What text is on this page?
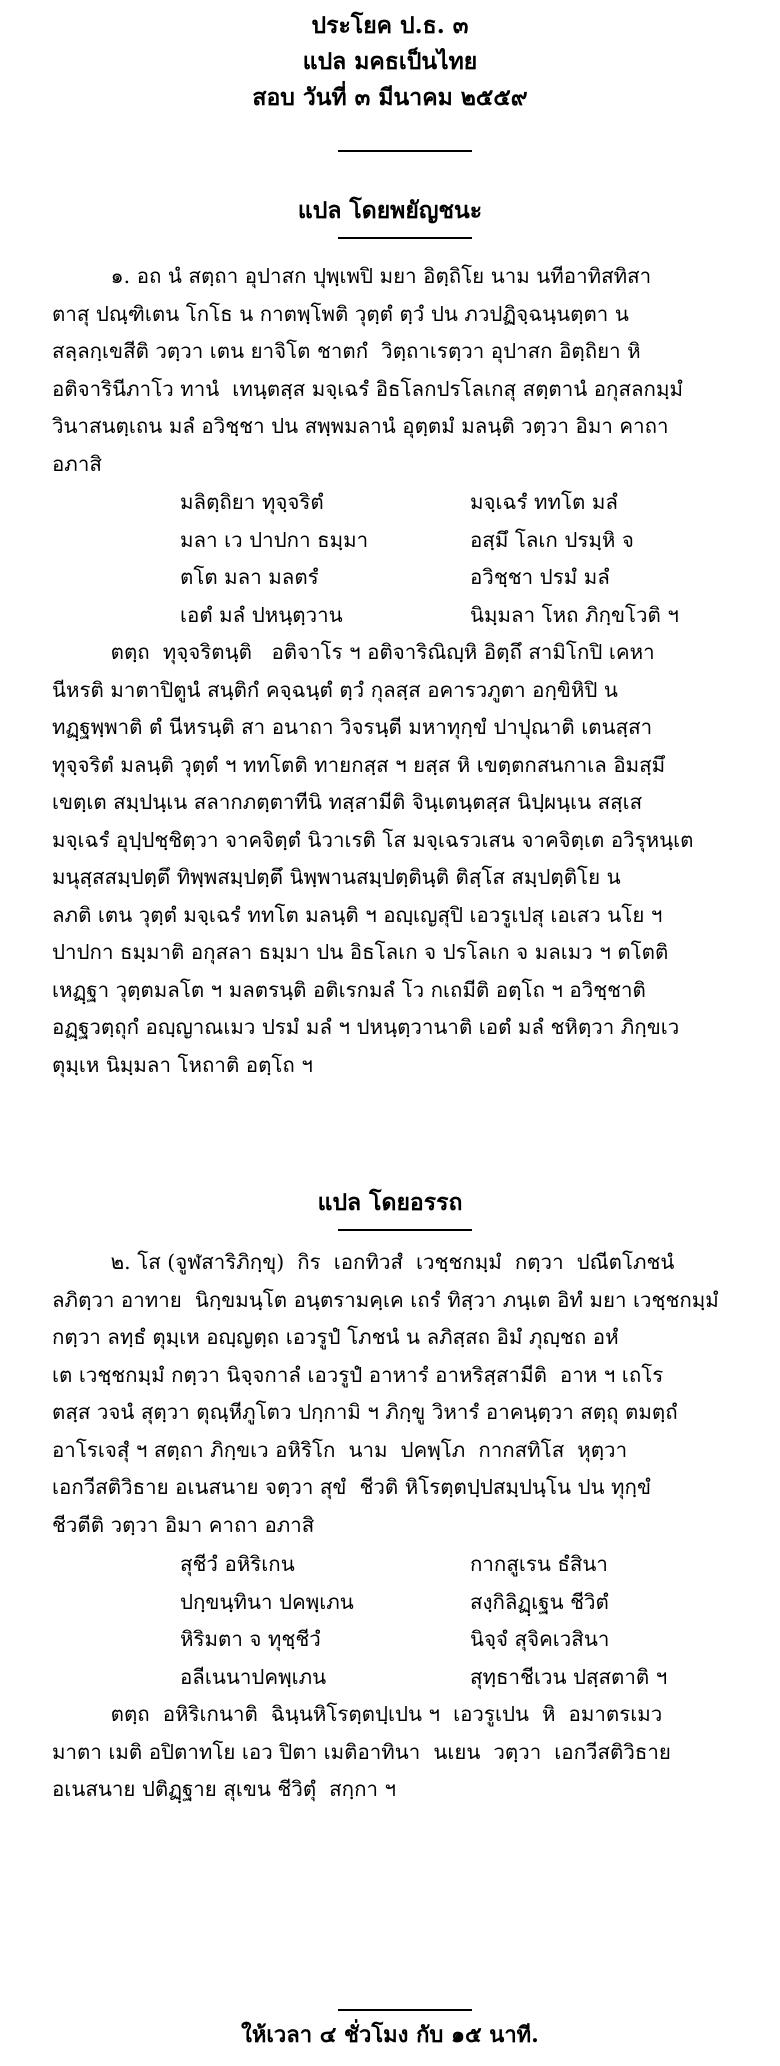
ประโยค ป.ธ. ๓
แปล มคธเป็นไทย
สอบ วันที่ ๓ มีนาคม ๒๕๕๙
แปล โดยพยัญชนะ
๑. อถ นํ สตฺถา อุปาสก ปุพฺเพปิ มยา อิตฺถิโย นาม นทีอาทิสทิสา
ตาสุ ปณฺฑิเตน โกโธ น กาตพฺโพติ วุตฺตํ ตฺวํ ปน ภวปฏิจฺฉนฺนตฺตา น
สลฺลกฺเขสีติ วตฺวา เตน ยาจิโต ชาตกํ  วิตฺถาเรตฺวา อุปาสก อิตฺถิยา หิ
อติจารินีภาโว ทานํ  เทนฺตสฺส มจฺเฉรํ อิธโลกปรโลเกสุ สตฺตานํ อกุสลกมฺมํ
วินาสนตฺเถน มลํ อวิชฺชา ปน สพฺพมลานํ อุตฺตมํ มลนฺติ วตฺวา อิมา คาถา
อภาสิ
มลิตฺถิยา ทุจฺจริตํ	มจฺเฉรํ ททโต มลํ
มลา เว ปาปกา ธมฺมา	อสฺมึ โลเก ปรมฺหิ จ
ตโต มลา มลตรํ	อวิชฺชา ปรมํ มลํ
เอตํ มลํ ปหนฺตฺวาน	นิมฺมลา โหถ ภิกฺขโวติ ฯ
ตตฺถ  ทุจฺจริตนฺติ   อติจาโร ฯ อติจาริณิญฺหิ อิตฺถึ สามิโกปิ เคหา
นีหรติ มาตาปิตูนํ สนฺติกํ คจฺฉนฺตํ ตฺวํ กุลสฺส อคารวภูตา อกฺขิหิปิ น
ทฏฺฐพฺพาติ ตํ นีหรนฺติ สา อนาถา วิจรนฺตี มหาทุกฺขํ ปาปุณาติ เตนสฺสา
ทุจฺจริตํ มลนฺติ วุตฺตํ ฯ ททโตติ ทายกสฺส ฯ ยสฺส หิ เขตฺตกสนกาเล อิมสฺมึ
เขตฺเต สมฺปนฺเน สลากภตฺตาทีนิ ทสฺสามีติ จินฺเตนฺตสฺส นิปฺผนฺเน สสฺเส
มจฺเฉรํ อุปฺปชฺชิตฺวา จาคจิตฺตํ นิวาเรติ โส มจฺเฉรวเสน จาคจิตฺเต อวิรุหนฺเต
มนุสฺสสมฺปตฺตึ ทิพฺพสมฺปตฺตึ นิพฺพานสมฺปตฺตินฺติ ติสฺโส สมฺปตฺติโย น
ลภติ เตน วุตฺตํ มจฺเฉรํ ททโต มลนฺติ ฯ อญฺเญสุปิ เอวรูเปสุ เอเสว นโย ฯ
ปาปกา ธมฺมาติ อกุสลา ธมฺมา ปน อิธโลเก จ ปรโลเก จ มลเมว ฯ ตโตติ
เหฏฺฐา วุตฺตมลโต ฯ มลตรนฺติ อติเรกมลํ โว กเถมีติ อตฺโถ ฯ อวิชฺชาติ
อฏฺฐวตฺถุกํ อญฺญาณเมว ปรมํ มลํ ฯ ปหนฺตฺวานาติ เอตํ มลํ ชหิตฺวา ภิกฺขเว
ตุมฺเห นิมฺมลา โหถาติ อตฺโถ ฯ
แปล โดยอรรถ
๒. โส (จูฬสาริภิกฺขุ)  กิร  เอกทิวสํ  เวชฺชกมฺมํ  กตฺวา  ปณีตโภชนํ
ลภิตฺวา อาทาย  นิกฺขมนฺโต อนฺตรามคฺเค เถรํ ทิสฺวา ภนฺเต อิทํ มยา เวชฺชกมฺมํ
กตฺวา ลทฺธํ ตุมฺเห อญฺญตฺถ เอวรูปํ โภชนํ น ลภิสฺสถ อิมํ ภุญฺชถ อหํ
เต เวชฺชกมฺมํ กตฺวา นิจฺจกาลํ เอวรูปํ อาหารํ อาหริสฺสามีติ  อาห ฯ เถโร
ตสฺส วจนํ สุตฺวา ตุณฺหีภูโตว ปกฺกามิ ฯ ภิกฺขู วิหารํ อาคนฺตฺวา สตฺถุ ตมตฺถํ
อาโรเจสุํ ฯ สตฺถา ภิกฺขเว อหิริโก  นาม  ปคพฺโภ  กากสทิโส  หุตฺวา
เอกวีสติวิธาย อเนสนาย จตฺวา สุขํ  ชีวติ หิโรตฺตปฺปสมฺปนฺโน ปน ทุกฺขํ
ชีวตีติ วตฺวา อิมา คาถา อภาสิ
สุชีวํ อหิริเกน	กากสูเรน ธํสินา
ปกฺขนฺทินา ปคพฺเภน	สงฺกิลิฏฺเฐน ชีวิตํ
หิริมตา จ ทุชฺชีวํ	นิจฺจํ สุจิคเวสินา
อลีเนนาปคพฺเภน	สุทฺธาชีเวน ปสฺสตาติ ฯ
ตตฺถ  อหิริเกนาติ  ฉินฺนหิโรตฺตปฺเปน ฯ  เอวรูเปน  หิ  อมาตรเมว
มาตา เมติ อปิตาทโย เอว ปิตา เมติอาทินา  นเยน  วตฺวา  เอกวีสติวิธาย
อเนสนาย ปติฏฺฐาย สุเขน ชีวิตุํ  สกฺกา ฯ
ให้เวลา ๔ ชั่วโมง กับ ๑๕ นาที.
